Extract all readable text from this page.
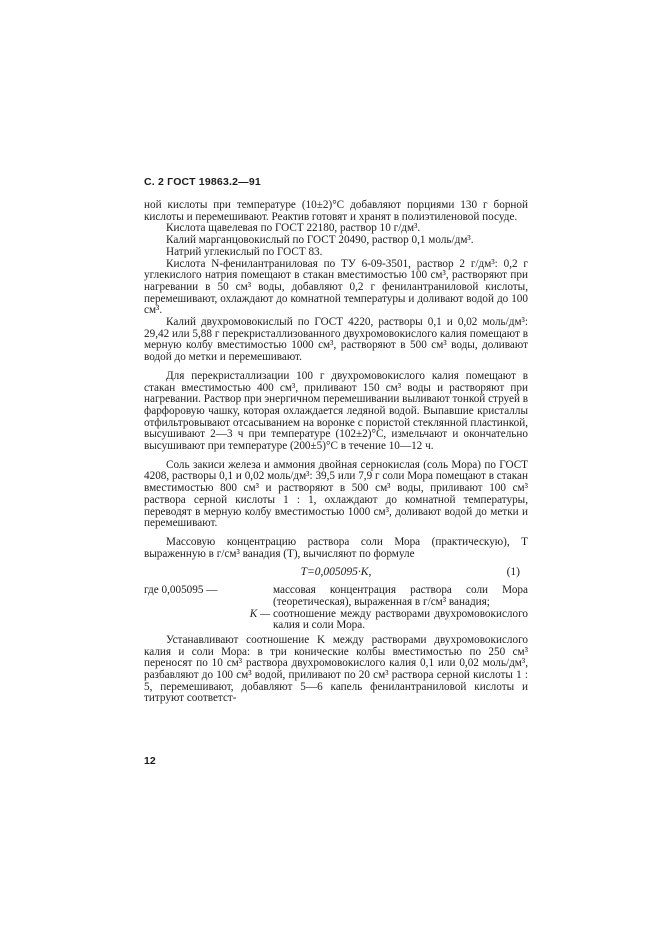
С. 2 ГОСТ 19863.2—91

ной кислоты при температуре (10±2)°С добавляют порциями 130 г борной кислоты и перемешивают. Реактив готовят и хранят в полиэтиленовой посуде.

Кислота щавелевая по ГОСТ 22180, раствор 10 г/дм³.

Калий марганцовокислый по ГОСТ 20490, раствор 0,1 моль/дм³.

Натрий углекислый по ГОСТ 83.

Кислота N-фенилантраниловая по ТУ 6-09-3501, раствор 2 г/дм³: 0,2 г углекислого натрия помещают в стакан вместимостью 100 см³, растворяют при нагревании в 50 см³ воды, добавляют 0,2 г фенилантраниловой кислоты, перемешивают, охлаждают до комнатной температуры и доливают водой до 100 см³.

Калий двухромовокислый по ГОСТ 4220, растворы 0,1 и 0,02 моль/дм³: 29,42 или 5,88 г перекристаллизованного двухромовокислого калия помещают в мерную колбу вместимостью 1000 см³, растворяют в 500 см³ воды, доливают водой до метки и перемешивают.

Для перекристаллизации 100 г двухромовокислого калия помещают в стакан вместимостью 400 см³, приливают 150 см³ воды и растворяют при нагревании. Раствор при энергичном перемешивании выливают тонкой струей в фарфоровую чашку, которая охлаждается ледяной водой. Выпавшие кристаллы отфильтровывают отсасыванием на воронке с пористой стеклянной пластинкой, высушивают 2—3 ч при температуре (102±2)°С, измельчают и окончательно высушивают при температуре (200±5)°С в течение 10—12 ч.

Соль закиси железа и аммония двойная сернокислая (соль Мора) по ГОСТ 4208, растворы 0,1 и 0,02 моль/дм³: 39,5 или 7,9 г соли Мора помещают в стакан вместимостью 800 см³ и растворяют в 500 см³ воды, приливают 100 см³ раствора серной кислоты 1 : 1, охлаждают до комнатной температуры, переводят в мерную колбу вместимостью 1000 см³, доливают водой до метки и перемешивают.

Массовую концентрацию раствора соли Мора (практическую), T выраженную в г/см³ ванадия (T), вычисляют по формуле

T=0,005095·K,	(1)
где 0,005095 —	массовая концентрация раствора соли Мора (теоретическая), выраженная в г/см³ ванадия;
K — соотношение между растворами двухромовокислого калия и соли Мора.

Устанавливают соотношение K между растворами двухромовокислого калия и соли Мора: в три конические колбы вместимостью по 250 см³ переносят по 10 см³ раствора двухромовокислого калия 0,1 или 0,02 моль/дм³, разбавляют до 100 см³ водой, приливают по 20 см³ раствора серной кислоты 1 : 5, перемешивают, добавляют 5—6 капель фенилантраниловой кислоты и титруют соответст-

12
